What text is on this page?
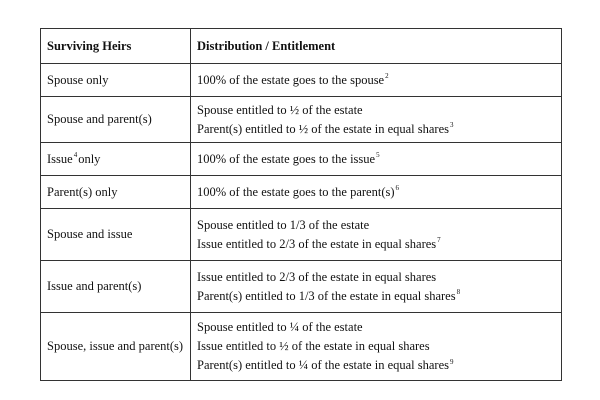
Surviving Heirs	Distribution / Entitlement
Spouse only	100% of the estate goes to the spouse$^2$

Spouse and parent(s)	Spouse entitled to ½ of the estate
Parent(s) entitled to ½ of the estate in equal shares$^3$

Issue$^4$only	100% of the estate goes to the issue$^5$

Parent(s) only	100% of the estate goes to the $parent(s)^6$

Spouse and issue	Spouse entitled to 1/3 of the estate
Issue entitled to 2/3 of the estate in equal shares$^7$

Issue and parent(s)	Issue entitled to 2/3 of the estate in equal shares
Parent(s) entitled to 1/3 of the estate in equal shares$^8$

Spouse, issue and parent(s)	Spouse entitled to ¼ of the estate
Issue entitled to ½ of the estate in equal shares
Parent(s) entitled to ¼ of the estate in equal shares$^9$
